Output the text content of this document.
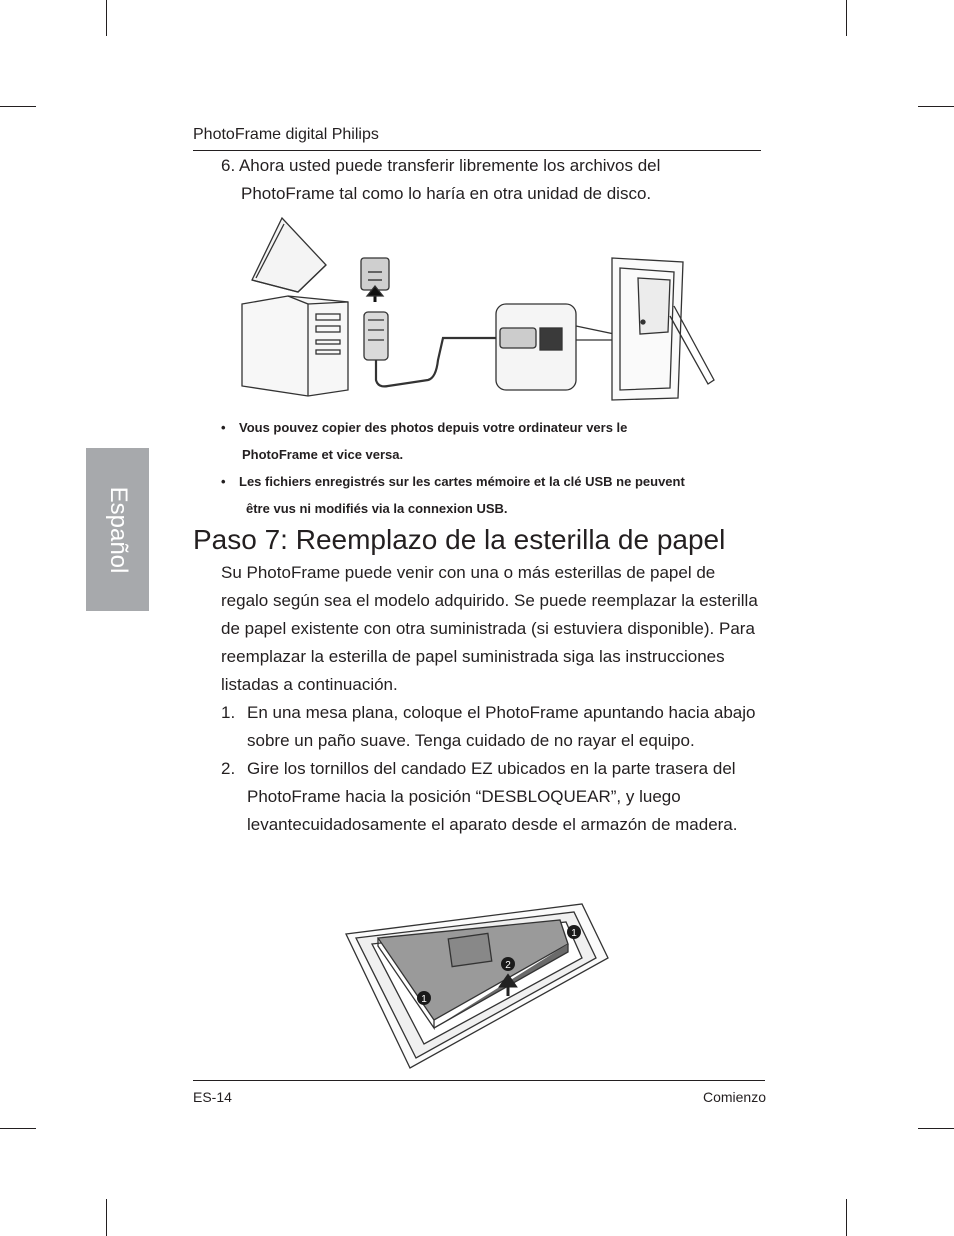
PhotoFrame digital Philips
6. Ahora usted puede transferir libremente los archivos del
PhotoFrame tal como lo haría en otra unidad de disco.
• Vous pouvez copier des photos depuis votre ordinateur vers le
PhotoFrame et vice versa.
• Les fichiers enregistrés sur les cartes mémoire et la clé USB ne peuvent
être vus ni modifiés via la connexion USB.
Español Paso 7: Reemplazo de la esterilla de papel
Su PhotoFrame puede venir con una o más esterillas de papel de regalo según sea el modelo adquirido. Se puede reemplazar la esterilla de papel existente con otra suministrada (si estuviera disponible). Para reemplazar la esterilla de papel suministrada siga las instrucciones listadas a continuación.
1. En una mesa plana, coloque el PhotoFrame apuntando hacia abajo sobre un paño suave. Tenga cuidado de no rayar el equipo.
2. Gire los tornillos del candado EZ ubicados en la parte trasera del PhotoFrame hacia la posición “DESBLOQUEAR”, y luego levantecuidadosamente el aparato desde el armazón de madera.
1
2
1
ES-14	Comienzo
